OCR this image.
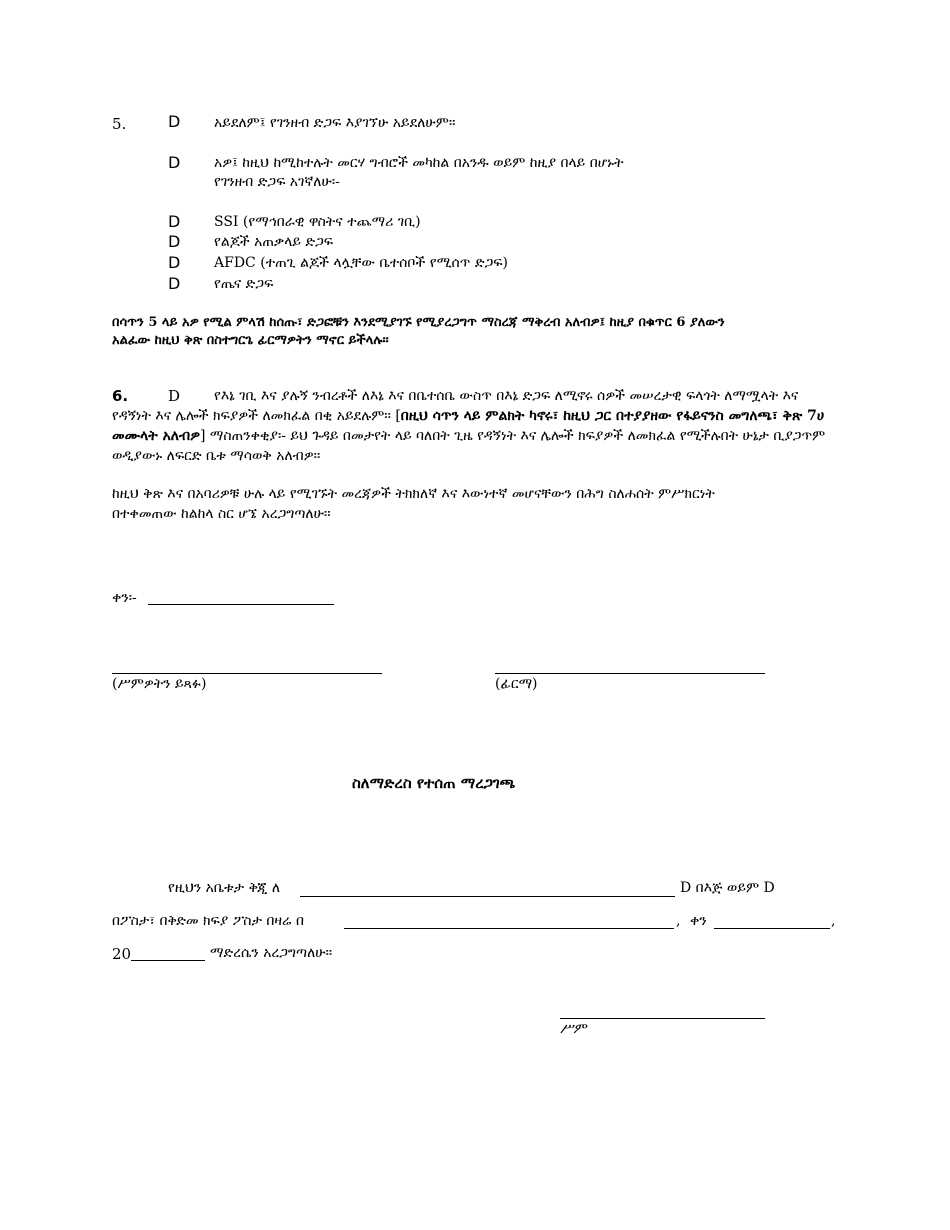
5.	D አይደለም፤ የገንዘብ ድጋፍ እያገኘሁ አይደለሁም፡፡
D አዎ፤ ከዚህ ከሚከተሉት መርሃ ግብሮች መካከል በአንዱ ወይም ከዚያ በላይ በሆኑት
የገንዘብ ድጋፍ አገኛለሁ፡-
D SSI (የማኅበራዊ ዋስትና ተጨማሪ ገቢ)
D የልጆች አጠቃላይ ድጋፍ
D AFDC (ተጠጊ ልጆች ላሏቸው ቤተሰቦች የሚሰጥ ድጋፍ)
D የጤና ድጋፍ
በሳጥን 5 ላይ አዎ የሚል ምላሽ ከሰጡ፣ ድጋፎቹን እንደሚያገኙ የሚያረጋግጥ ማስረጃ ማቅረብ አለብዎ፤ ከዚያ በቁጥር 6 ያለውን
አልፈው ከዚህ ቅጽ በስተግርጌ ፊርማዎትን ማኖር ይችላሉ፡፡
6.	D	የእኔ ገቢ እና ያሉኝ ንብረቶች ለእኔ እና በቤተሰቤ ውስጥ በእኔ ድጋፍ ለሚኖሩ ሰዎች መሠረታዊ ፍላጎት ለማሟላት እና የዳኝነት እና ሌሎች ክፍያዎች ለመክፈል በቂ አይደሉም፡፡ [በዚህ ሳጥን ላይ ምልክት ካኖሩ፣ ከዚህ ጋር በተያያዘው የፋይናንስ መግለጫ፣ ቅጽ 7ሀ መሙላት አለብዎ] ማስጠንቀቂያ፡- ይህ ጉዳይ በመታየት ላይ ባለበት ጊዜ የዳኝነት እና ሌሎች ክፍያዎች ለመክፈል የሚችሉበት ሁኔታ ቢያጋጥም ወዲያውኑ ለፍርድ ቤቱ ማሳወቅ አለብዎ፡፡
ከዚህ ቅጽ እና በአባሪዎቹ ሁሉ ላይ የሚገኙት መረጃዎች ትክክለኛ እና እውነተኛ መሆናቸውን በሕግ ስለሐሰት ምሥክርነት
በተቀመጠው ከልከላ ስር ሆኜ አረጋግጣለሁ፡፡
ቀን፡-
(ሥምዎትን ይጻፉ)	(ፊርማ)
ስለማድረስ የተሰጠ ማረጋገጫ
የዚህን አቤቱታ ቅጂ ለ	D በእጅ ወይም D
በፖስታ፣ በቅድመ ክፍያ ፖስታ በዛሬ በ	, ቀን	,
20	ማድረሴን አረጋግጣለሁ፡፡
ሥም
